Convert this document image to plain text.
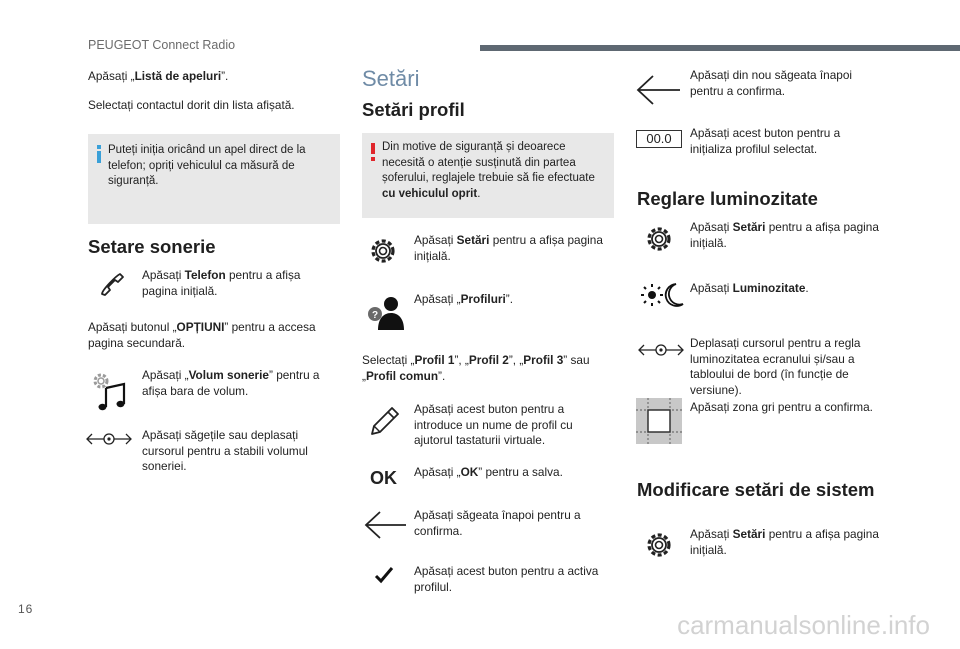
PEUGEOT Connect Radio
Apăsați „Listă de apeluri”.
Selectați contactul dorit din lista afișată.
Puteți iniția oricând un apel direct de la
telefon; opriți vehiculul ca măsură de
siguranță.
Setare sonerie
Apăsați Telefon pentru a afișa
pagina inițială.
Apăsați butonul „OPȚIUNI” pentru a accesa
pagina secundară.
Apăsați „Volum sonerie” pentru a
afișa bara de volum.
Apăsați săgețile sau deplasați
cursorul pentru a stabili volumul
soneriei.
Setări
Setări profil
Din motive de siguranță și deoarece
necesită o atenție susținută din partea
șoferului, reglajele trebuie să fie efectuate
cu vehiculul oprit.
Apăsați Setări pentru a afișa pagina
inițială.
?
Apăsați „Profiluri”.
Selectați „Profil 1”, „Profil 2”, „Profil 3” sau
„Profil comun”.
Apăsați acest buton pentru a
introduce un nume de profil cu
ajutorul tastaturii virtuale.
OK Apăsați „OK” pentru a salva.
Apăsați săgeata înapoi pentru a
confirma.
Apăsați acest buton pentru a activa
profilul.
Apăsați din nou săgeata înapoi
pentru a confirma.
00.0	Apăsați acest buton pentru a
inițializa profilul selectat.
Reglare luminozitate
Apăsați Setări pentru a afișa pagina
inițială.
Apăsați Luminozitate.
Deplasați cursorul pentru a regla
luminozitatea ecranului și/sau a
tabloului de bord (în funcție de
versiune).
Apăsați zona gri pentru a confirma.
Modificare setări de sistem
Apăsați Setări pentru a afișa pagina
inițială.
16
carmanualsonline.info
